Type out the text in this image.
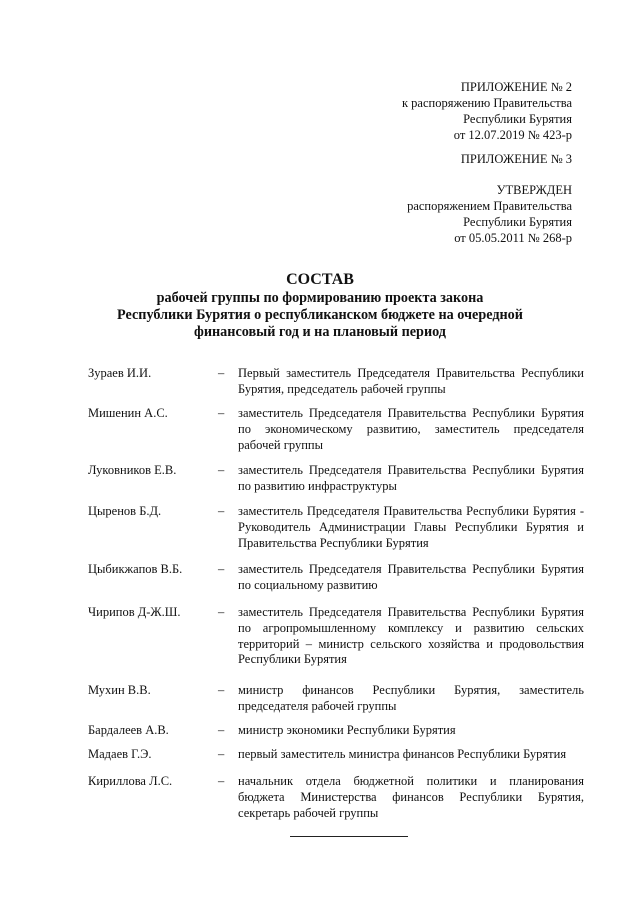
ПРИЛОЖЕНИЕ № 2
к распоряжению Правительства
Республики Бурятия
от 12.07.2019 № 423-р
ПРИЛОЖЕНИЕ № 3
УТВЕРЖДЕН
распоряжением Правительства
Республики Бурятия
от 05.05.2011 № 268-р
СОСТАВ
рабочей группы по формированию проекта закона
Республики Бурятия о республиканском бюджете на очередной
финансовый год и на плановый период
Зураев И.И.	– Первый заместитель Председателя Правительства Республики Бурятия, председатель рабочей группы
Мишенин А.С.	– заместитель Председателя Правительства Республики Бурятия по экономическому развитию, заместитель председателя рабочей группы
Луковников Е.В.	– заместитель Председателя Правительства Республики Бурятия по развитию инфраструктуры
Цыренов Б.Д.	– заместитель Председателя Правительства Республики Бурятия - Руководитель Администрации Главы Республики Бурятия и Правительства Республики Бурятия
Цыбикжапов В.Б.	– заместитель Председателя Правительства Республики Бурятия по социальному развитию
Чирипов Д-Ж.Ш.	– заместитель Председателя Правительства Республики Бурятия по агропромышленному комплексу и развитию сельских территорий – министр сельского хозяйства и продовольствия Республики Бурятия
Мухин В.В.	– министр финансов Республики Бурятия, заместитель председателя рабочей группы
Бардалеев А.В.	– министр экономики Республики Бурятия
Мадаев Г.Э.	– первый заместитель министра финансов Республики Бурятия
Кириллова Л.С.	– начальник отдела бюджетной политики и планирования бюджета Министерства финансов Республики Бурятия, секретарь рабочей группы
